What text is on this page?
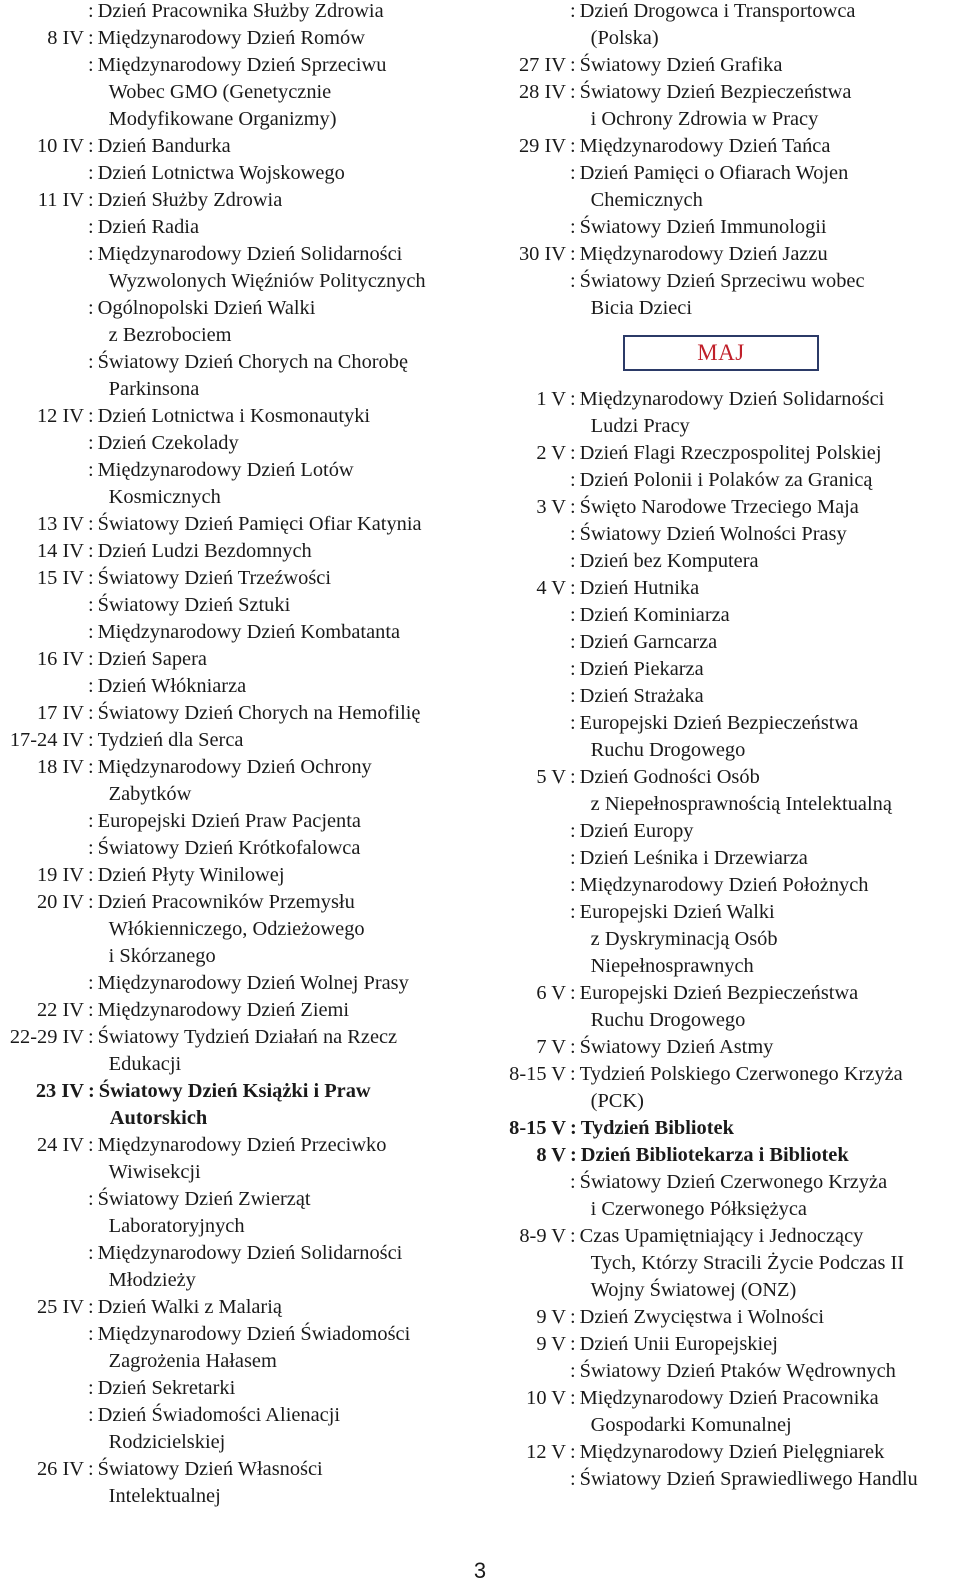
: Dzień Pracownika Służby Zdrowia
8 IV : Międzynarodowy Dzień Romów
: Międzynarodowy Dzień Sprzeciwu
Wobec GMO (Genetycznie
Modyfikowane Organizmy)
10 IV : Dzień Bandurka
: Dzień Lotnictwa Wojskowego
11 IV : Dzień Służby Zdrowia
: Dzień Radia
: Międzynarodowy Dzień Solidarności
Wyzwolonych Więźniów Politycznych
: Ogólnopolski Dzień Walki
z Bezrobociem
: Światowy Dzień Chorych na Chorobę
Parkinsona
12 IV : Dzień Lotnictwa i Kosmonautyki
: Dzień Czekolady
: Międzynarodowy Dzień Lotów
Kosmicznych
13 IV : Światowy Dzień Pamięci Ofiar Katynia
14 IV : Dzień Ludzi Bezdomnych
15 IV : Światowy Dzień Trzeźwości
: Światowy Dzień Sztuki
: Międzynarodowy Dzień Kombatanta
16 IV : Dzień Sapera
: Dzień Włókniarza
17 IV : Światowy Dzień Chorych na Hemofilię
17-24 IV : Tydzień dla Serca
18 IV : Międzynarodowy Dzień Ochrony
Zabytków
: Europejski Dzień Praw Pacjenta
: Światowy Dzień Krótkofalowca
19 IV : Dzień Płyty Winilowej
20 IV : Dzień Pracowników Przemysłu
Włókienniczego, Odzieżowego
i Skórzanego
: Międzynarodowy Dzień Wolnej Prasy
22 IV : Międzynarodowy Dzień Ziemi
22-29 IV : Światowy Tydzień Działań na Rzecz
Edukacji
23 IV : Światowy Dzień Książki i Praw
Autorskich
24 IV : Międzynarodowy Dzień Przeciwko
Wiwisekcji
: Światowy Dzień Zwierząt
Laboratoryjnych
: Międzynarodowy Dzień Solidarności
Młodzieży
25 IV : Dzień Walki z Malarią
: Międzynarodowy Dzień Świadomości
Zagrożenia Hałasem
: Dzień Sekretarki
: Dzień Świadomości Alienacji
Rodzicielskiej
26 IV : Światowy Dzień Własności
Intelektualnej
: Dzień Drogowca i Transportowca
(Polska)
27 IV : Światowy Dzień Grafika
28 IV : Światowy Dzień Bezpieczeństwa
i Ochrony Zdrowia w Pracy
29 IV : Międzynarodowy Dzień Tańca
: Dzień Pamięci o Ofiarach Wojen
Chemicznych
: Światowy Dzień Immunologii
30 IV : Międzynarodowy Dzień Jazzu
: Światowy Dzień Sprzeciwu wobec
Bicia Dzieci
MAJ
1 V : Międzynarodowy Dzień Solidarności
Ludzi Pracy
2 V : Dzień Flagi Rzeczpospolitej Polskiej
: Dzień Polonii i Polaków za Granicą
3 V : Święto Narodowe Trzeciego Maja
: Światowy Dzień Wolności Prasy
: Dzień bez Komputera
4 V : Dzień Hutnika
: Dzień Kominiarza
: Dzień Garncarza
: Dzień Piekarza
: Dzień Strażaka
: Europejski Dzień Bezpieczeństwa
Ruchu Drogowego
5 V : Dzień Godności Osób
z Niepełnosprawnością Intelektualną
: Dzień Europy
: Dzień Leśnika i Drzewiarza
: Międzynarodowy Dzień Położnych
: Europejski Dzień Walki
z Dyskryminacją Osób
Niepełnosprawnych
6 V : Europejski Dzień Bezpieczeństwa
Ruchu Drogowego
7 V : Światowy Dzień Astmy
8-15 V : Tydzień Polskiego Czerwonego Krzyża
(PCK)
8-15 V : Tydzień Bibliotek
8 V : Dzień Bibliotekarza i Bibliotek
: Światowy Dzień Czerwonego Krzyża
i Czerwonego Półksiężyca
8-9 V : Czas Upamiętniający i Jednoczący
Tych, Którzy Stracili Życie Podczas II
Wojny Światowej (ONZ)
9 V : Dzień Zwycięstwa i Wolności
9 V : Dzień Unii Europejskiej
: Światowy Dzień Ptaków Wędrownych
10 V : Międzynarodowy Dzień Pracownika
Gospodarki Komunalnej
12 V : Międzynarodowy Dzień Pielęgniarek
: Światowy Dzień Sprawiedliwego Handlu
3
